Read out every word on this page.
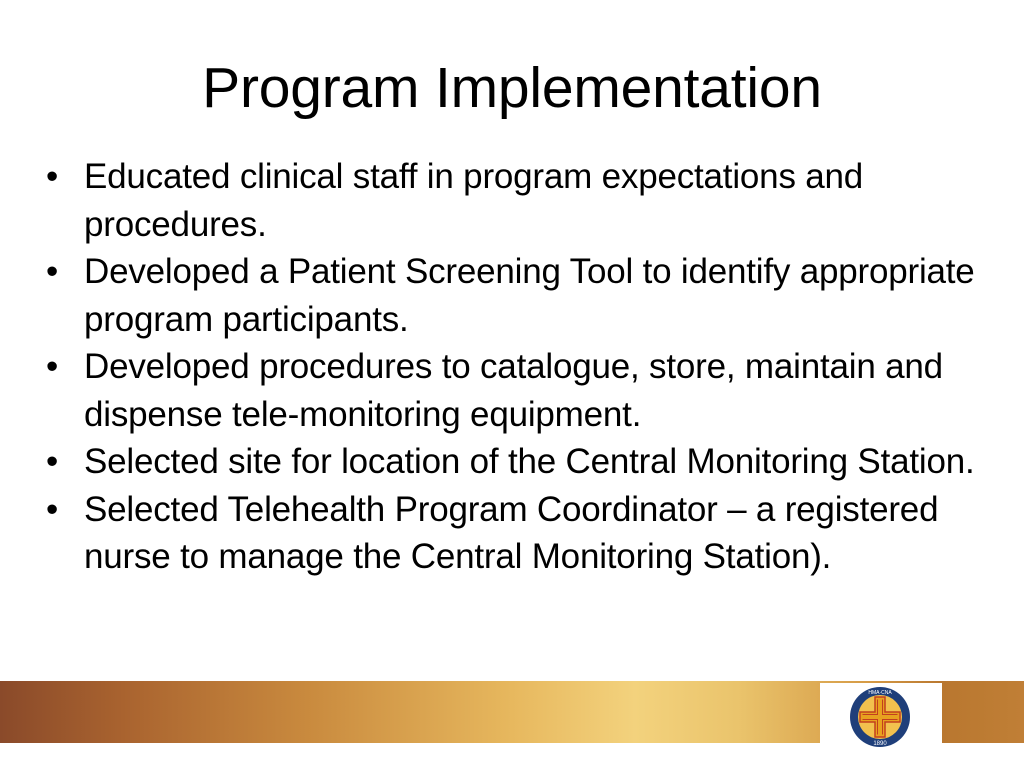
Program Implementation
• Educated clinical staff in program expectations and procedures.
• Developed a Patient Screening Tool to identify appropriate program participants.
• Developed procedures to catalogue, store, maintain and dispense tele-monitoring equipment.
• Selected site for location of the Central Monitoring Station.
• Selected Telehealth Program Coordinator – a registered nurse to manage the Central Monitoring Station).
HMA·CNA
1890
